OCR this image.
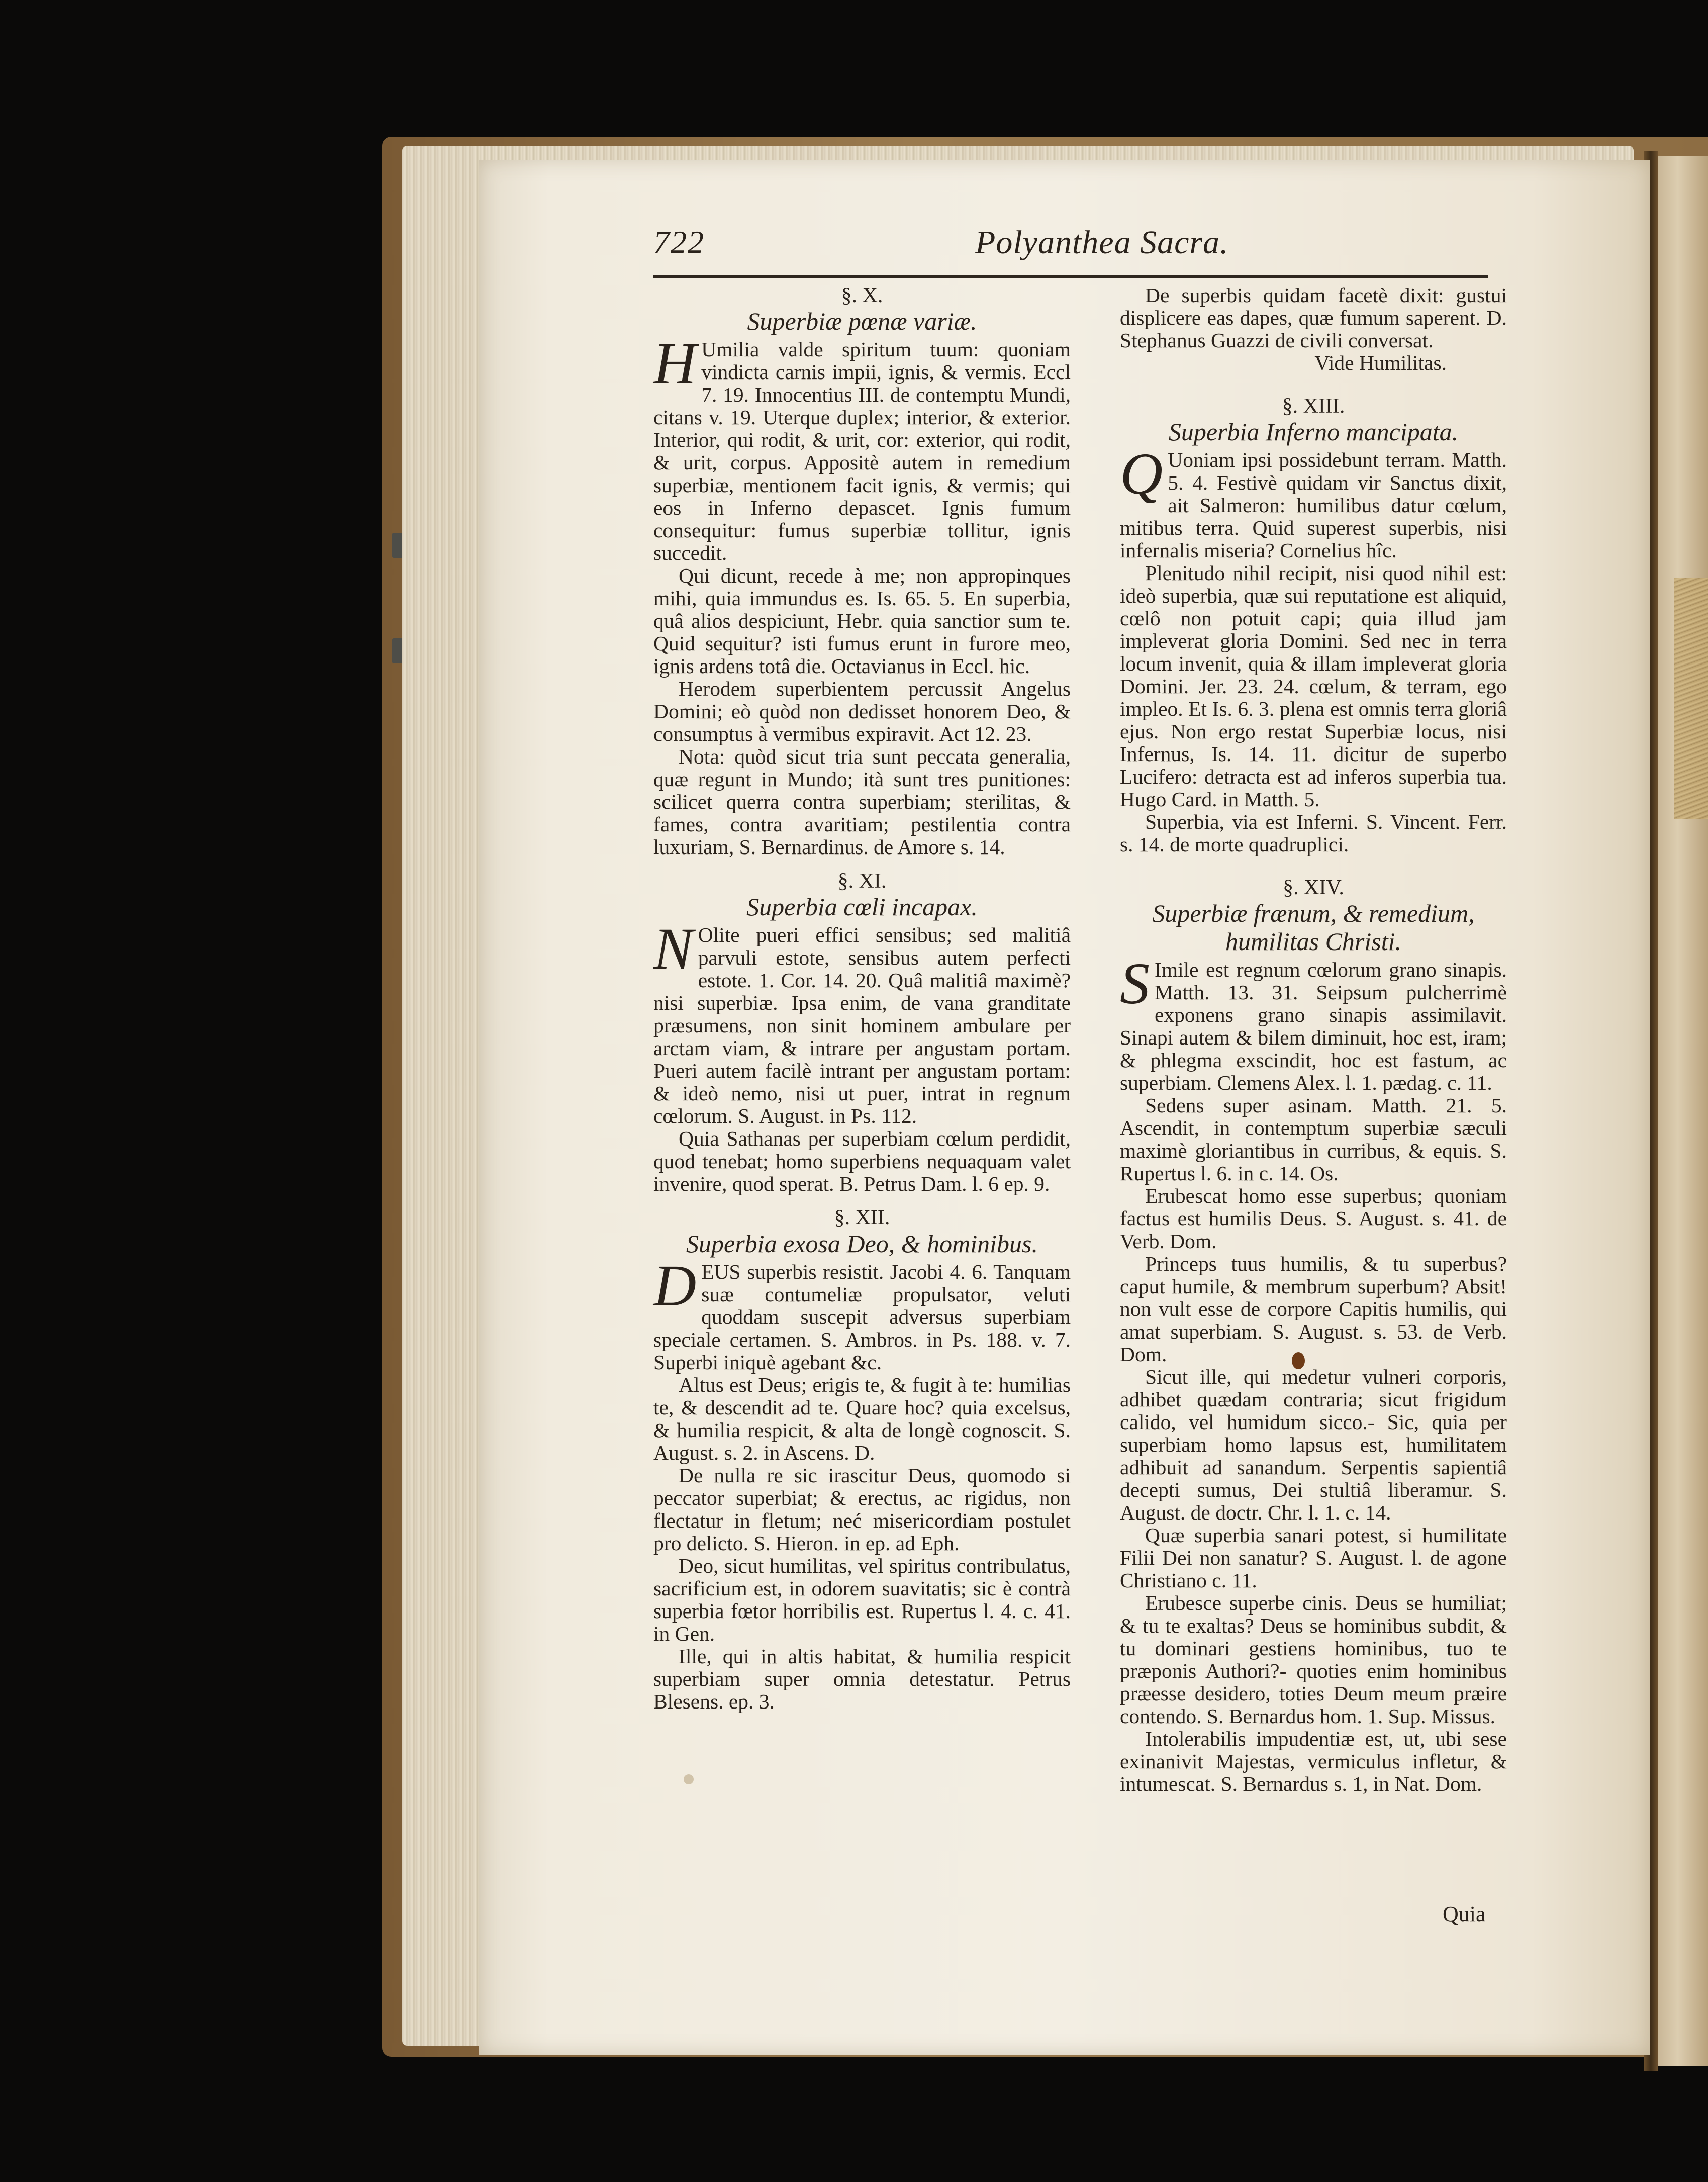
722	Polyanthea Sacra.
§. X.
Superbiæ pœnæ variæ.

H Umilia valde spiritum tuum: quoniam vindicta carnis impii, ignis, & vermis. Eccl 7. 19. Innocentius III. de contemptu Mundi, citans v. 19. Uterque duplex; interior, & exterior. Interior, qui rodit, & urit, cor: exterior, qui rodit, & urit, corpus. Appositè autem in remedium superbiæ, mentionem facit ignis, & vermis; qui eos in Inferno depascet. Ignis fumum consequitur: fumus superbiæ tollitur, ignis succedit.

Qui dicunt, recede à me; non appropinques mihi, quia immundus es. Is. 65. 5. En superbia, quâ alios despiciunt, Hebr. quia sanctior sum te. Quid sequitur? isti fumus erunt in furore meo, ignis ardens totâ die. Octavianus in Eccl. hic.

Herodem superbientem percussit Angelus Domini; eò quòd non dedisset honorem Deo, & consumptus à vermibus expiravit. Act 12. 23.

Nota: quòd sicut tria sunt peccata generalia, quæ regunt in Mundo; ità sunt tres punitiones: scilicet querra contra superbiam; sterilitas, & fames, contra avaritiam; pestilentia contra luxuriam, S. Bernardinus. de Amore s. 14.

§. XI.
Superbia cœli incapax.

N Olite pueri effici sensibus; sed malitiâ parvuli estote, sensibus autem perfecti estote. 1. Cor. 14. 20. Quâ malitiâ maximè? nisi superbiæ. Ipsa enim, de vana granditate præsumens, non sinit hominem ambulare per arctam viam, & intrare per angustam portam. Pueri autem facilè intrant per angustam portam: & ideò nemo, nisi ut puer, intrat in regnum cœlorum. S. August. in Ps. 112.

Quia Sathanas per superbiam cœlum perdidit, quod tenebat; homo superbiens nequaquam valet invenire, quod sperat. B. Petrus Dam. l. 6 ep. 9.

§. XII.
Superbia exosa Deo, & hominibus.

DEUS superbis resistit. Jacobi 4. 6. Tanquam suæ contumeliæ propulsator, veluti quoddam suscepit adversus superbiam speciale certamen. S. Ambros. in Ps. 188. v. 7. Superbi iniquè agebant &c.

Altus est Deus; erigis te, & fugit à te: humilias te, & descendit ad te. Quare hoc? quia excelsus, & humilia respicit, & alta de longè cognoscit. S. August. s. 2. in Ascens. D.

De nulla re sic irascitur Deus, quomodo si peccator superbiat; & erectus, ac rigidus, non flectatur in fletum; neć misericordiam postulet pro delicto. S. Hieron. in ep. ad Eph.

Deo, sicut humilitas, vel spiritus contribulatus, sacrificium est, in odorem suavitatis; sic è contrà superbia fœtor horribilis est. Rupertus l. 4. c. 41. in Gen.

Ille, qui in altis habitat, & humilia respicit superbiam super omnia detestatur. Petrus Blesens. ep. 3.

De superbis quidam facetè dixit: gustui displicere eas dapes, quæ fumum saperent. D. Stephanus Guazzi de civili conversat.

Vide Humilitas.
§. XIII.
Superbia Inferno mancipata.

Q Uoniam ipsi possidebunt terram. Matth. 5. 4. Festivè quidam vir Sanctus dixit, ait Salmeron: humilibus datur cœlum, mitibus terra. Quid superest superbis, nisi infernalis miseria? Cornelius hîc.

Plenitudo nihil recipit, nisi quod nihil est: ideò superbia, quæ sui reputatione est aliquid, cœlô non potuit capi; quia illud jam impleverat gloria Domini. Sed nec in terra locum invenit, quia & illam impleverat gloria Domini. Jer. 23. 24. cœlum, & terram, ego impleo. Et Is. 6. 3. plena est omnis terra gloriâ ejus. Non ergo restat Superbiæ locus, nisi Infernus, Is. 14. 11. dicitur de superbo Lucifero: detracta est ad inferos superbia tua. Hugo Card. in Matth. 5.

Superbia, via est Inferni. S. Vincent. Ferr. s. 14. de morte quadruplici.

§. XIV.
Superbiæ frænum, & remedium,
humilitas Christi.

S Imile est regnum cœlorum grano sinapis. Matth. 13. 31. Seipsum pulcherrimè exponens grano sinapis assimilavit. Sinapi autem & bilem diminuit, hoc est, iram; & phlegma exscindit, hoc est fastum, ac superbiam. Clemens Alex. l. 1. pædag. c. 11.

Sedens super asinam. Matth. 21. 5. Ascendit, in contemptum superbiæ sæculi maximè gloriantibus in curribus, & equis. S. Rupertus l. 6. in c. 14. Os.

Erubescat homo esse superbus; quoniam factus est humilis Deus. S. August. s. 41. de Verb. Dom.

Princeps tuus humilis, & tu superbus? caput humile, & membrum superbum? Absit! non vult esse de corpore Capitis humilis, qui amat superbiam. S. August. s. 53. de Verb. Dom.

Sicut ille, qui medetur vulneri corporis, adhibet quædam contraria; sicut frigidum calido, vel humidum sicco.- Sic, quia per superbiam homo lapsus est, humilitatem adhibuit ad sanandum. Serpentis sapientiâ decepti sumus, Dei stultiâ liberamur. S. August. de doctr. Chr. l. 1. c. 14.

Quæ superbia sanari potest, si humilitate Filii Dei non sanatur? S. August. l. de agone Christiano c. 11.

Erubesce superbe cinis. Deus se humiliat; & tu te exaltas? Deus se hominibus subdit, & tu dominari gestiens hominibus, tuo te præponis Authori?- quoties enim hominibus præesse desidero, toties Deum meum præire contendo. S. Bernardus hom. 1. Sup. Missus.

Intolerabilis impudentiæ est, ut, ubi sese exinanivit Majestas, vermiculus infletur, & intumescat. S. Bernardus s. 1, in Nat. Dom.

Quia
